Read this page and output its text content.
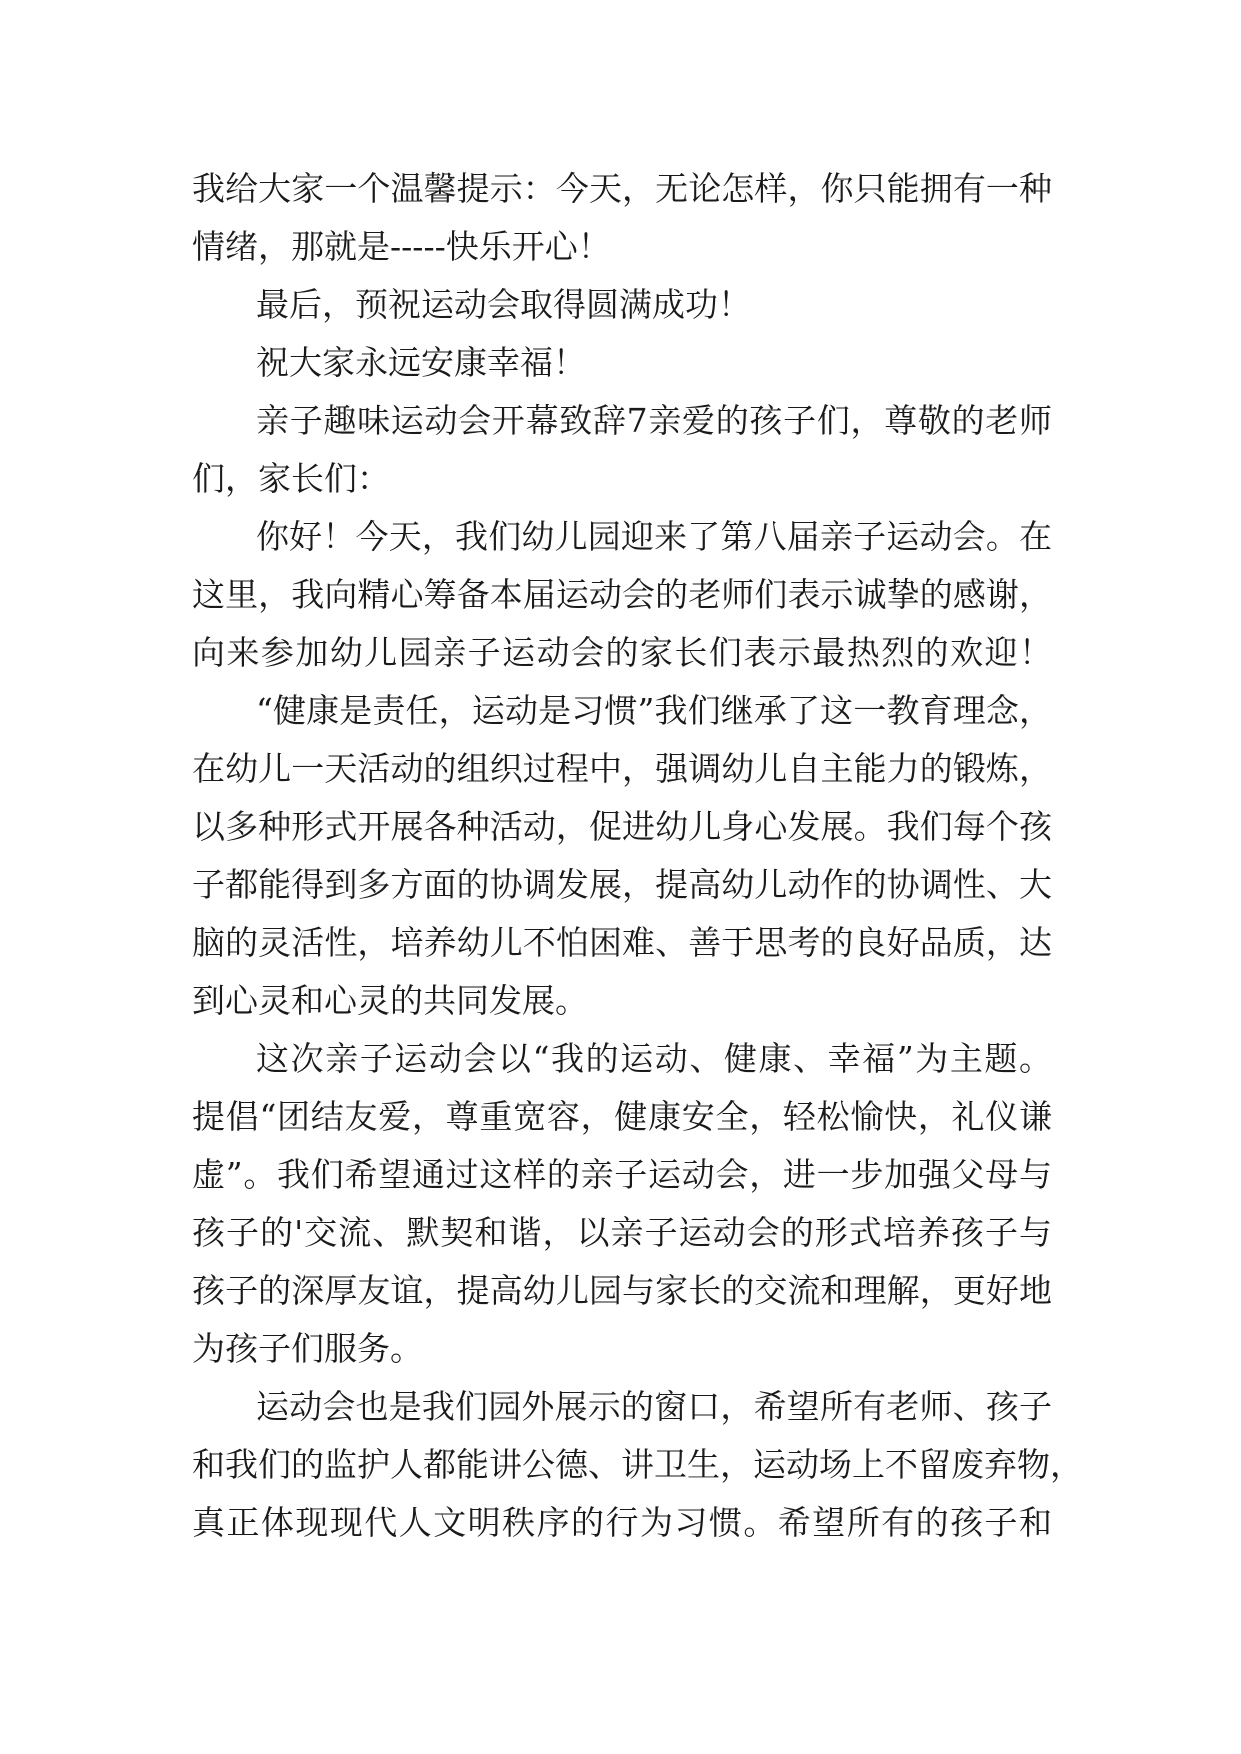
我给大家一个温馨提示：今天，无论怎样，你只能拥有一种
情绪，那就是-----快乐开心！
最后，预祝运动会取得圆满成功！
祝大家永远安康幸福！
亲子趣味运动会开幕致辞7亲爱的孩子们，尊敬的老师
们，家长们：
你好！今天，我们幼儿园迎来了第八届亲子运动会。在
这里，我向精心筹备本届运动会的老师们表示诚挚的感谢，
向来参加幼儿园亲子运动会的家长们表示最热烈的欢迎！
“健康是责任，运动是习惯”我们继承了这一教育理念，
在幼儿一天活动的组织过程中，强调幼儿自主能力的锻炼，
以多种形式开展各种活动，促进幼儿身心发展。我们每个孩
子都能得到多方面的协调发展，提高幼儿动作的协调性、大
脑的灵活性，培养幼儿不怕困难、善于思考的良好品质，达
到心灵和心灵的共同发展。
这次亲子运动会以“我的运动、健康、幸福”为主题。
提倡“团结友爱，尊重宽容，健康安全，轻松愉快，礼仪谦
虚”。我们希望通过这样的亲子运动会，进一步加强父母与
孩子的'交流、默契和谐，以亲子运动会的形式培养孩子与
孩子的深厚友谊，提高幼儿园与家长的交流和理解，更好地
为孩子们服务。
运动会也是我们园外展示的窗口，希望所有老师、孩子
和我们的监护人都能讲公德、讲卫生，运动场上不留废弃物，
真正体现现代人文明秩序的行为习惯。希望所有的孩子和
